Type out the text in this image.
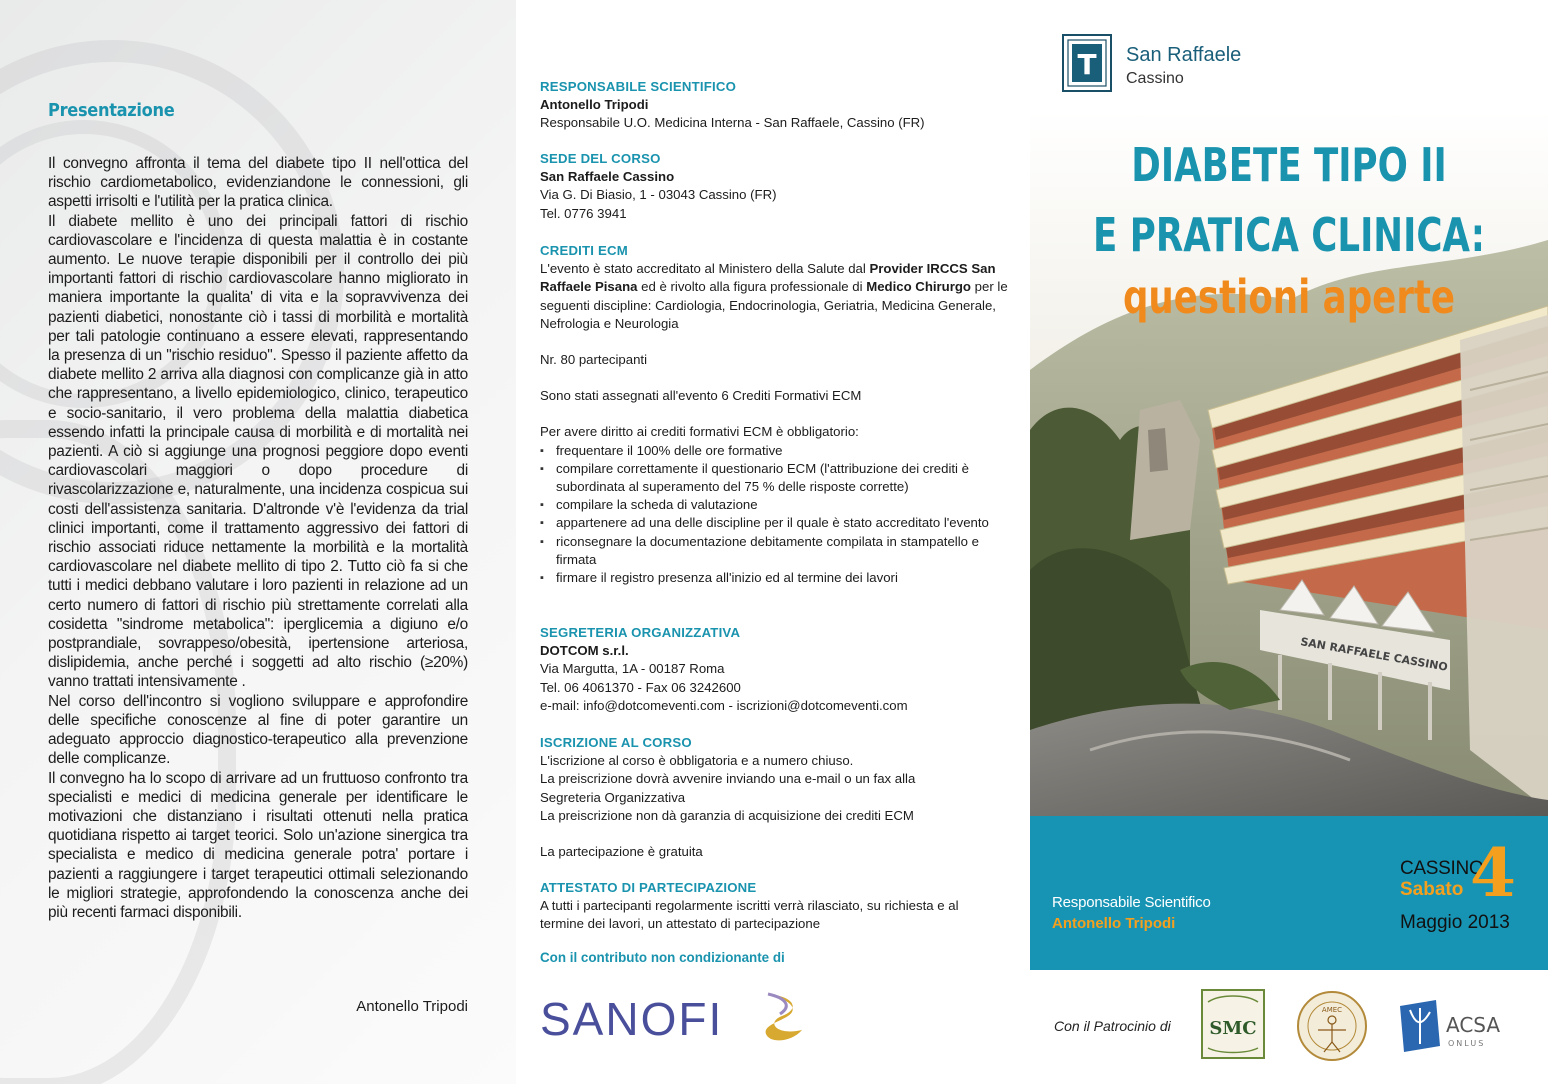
Presentazione

Il convegno affronta il tema del diabete tipo II nell'ottica del rischio cardiometabolico, evidenziandone le connessioni, gli aspetti irrisolti e l'utilità per la pratica clinica.

Il diabete mellito è uno dei principali fattori di rischio cardiovascolare e l'incidenza di questa malattia è in costante aumento. Le nuove terapie disponibili per il controllo dei più importanti fattori di rischio cardiovascolare hanno migliorato in maniera importante la qualita' di vita e la sopravvivenza dei pazienti diabetici, nonostante ciò i tassi di morbilità e mortalità per tali patologie continuano a essere elevati, rappresentando la presenza di un "rischio residuo". Spesso il paziente affetto da diabete mellito 2 arriva alla diagnosi con complicanze già in atto che rappresentano, a livello epidemiologico, clinico, terapeutico e socio-sanitario, il vero problema della malattia diabetica essendo infatti la principale causa di morbilità e di mortalità nei pazienti. A ciò si aggiunge una prognosi peggiore dopo eventi cardiovascolari maggiori o dopo procedure di rivascolarizzazione e, naturalmente, una incidenza cospicua sui costi dell'assistenza sanitaria. D'altronde v'è l'evidenza da trial clinici importanti, come il trattamento aggressivo dei fattori di rischio associati riduce nettamente la morbilità e la mortalità cardiovascolare nel diabete mellito di tipo 2. Tutto ciò fa si che tutti i medici debbano valutare i loro pazienti in relazione ad un certo numero di fattori di rischio più strettamente correlati alla cosidetta "sindrome metabolica": iperglicemia a digiuno e/o postprandiale, sovrappeso/obesità, ipertensione arteriosa, dislipidemia, anche perché i soggetti ad alto rischio (≥20%) vanno trattati intensivamente .

Nel corso dell'incontro si vogliono sviluppare e approfondire delle specifiche conoscenze al fine di poter garantire un adeguato approccio diagnostico-terapeutico alla prevenzione delle complicanze.

Il convegno ha lo scopo di arrivare ad un fruttuoso confronto tra specialisti e medici di medicina generale per identificare le motivazioni che distanziano i risultati ottenuti nella pratica quotidiana rispetto ai target teorici. Solo un'azione sinergica tra specialista e medico di medicina generale potra' portare i pazienti a raggiungere i target terapeutici ottimali selezionando le migliori strategie, approfondendo la conoscenza anche dei più recenti farmaci disponibili.

Antonello Tripodi
RESPONSABILE SCIENTIFICO

Antonello Tripodi

Responsabile U.O. Medicina Interna - San Raffaele, Cassino (FR)

SEDE DEL CORSO

San Raffaele Cassino

Via G. Di Biasio, 1 - 03043 Cassino (FR)

Tel. 0776 3941

CREDITI ECM

L'evento è stato accreditato al Ministero della Salute dal Provider IRCCS San Raffaele Pisana ed è rivolto alla figura professionale di Medico Chirurgo per le seguenti discipline: Cardiologia, Endocrinologia, Geriatria, Medicina Generale, Nefrologia e Neurologia

Nr. 80 partecipanti

Sono stati assegnati all'evento 6 Crediti Formativi ECM

Per avere diritto ai crediti formativi ECM è obbligatorio:

▪ frequentare il 100% delle ore formative
▪ compilare correttamente il questionario ECM (l'attribuzione dei crediti è subordinata al superamento del 75 % delle risposte corrette)
▪ compilare la scheda di valutazione
▪ appartenere ad una delle discipline per il quale è stato accreditato l'evento
▪ riconsegnare la documentazione debitamente compilata in stampatello e firmata
▪ firmare il registro presenza all'inizio ed al termine dei lavori
SEGRETERIA ORGANIZZATIVA

DOTCOM s.r.l.

Via Margutta, 1A - 00187 Roma

Tel. 06 4061370 - Fax 06 3242600

e-mail: info@dotcomeventi.com - iscrizioni@dotcomeventi.com

ISCRIZIONE AL CORSO

L'iscrizione al corso è obbligatoria e a numero chiuso.

La preiscrizione dovrà avvenire inviando una e-mail o un fax alla Segreteria Organizzativa

La preiscrizione non dà garanzia di acquisizione dei crediti ECM

La partecipazione è gratuita

ATTESTATO DI PARTECIPAZIONE

A tutti i partecipanti regolarmente iscritti verrà rilasciato, su richiesta e al termine dei lavori, un attestato di partecipazione

Con il contributo non condizionante di
SANOFI
T San Raffaele
Cassino
SAN RAFFAELE CASSINO
DIABETE TIPO II
E PRATICA CLINICA:
questioni aperte
Responsabile Scientifico
Antonello Tripodi
CASSINO
Sabato 4
Maggio 2013
Con il Patrocinio di SMC
AMEC
ACSA
ONLUS
